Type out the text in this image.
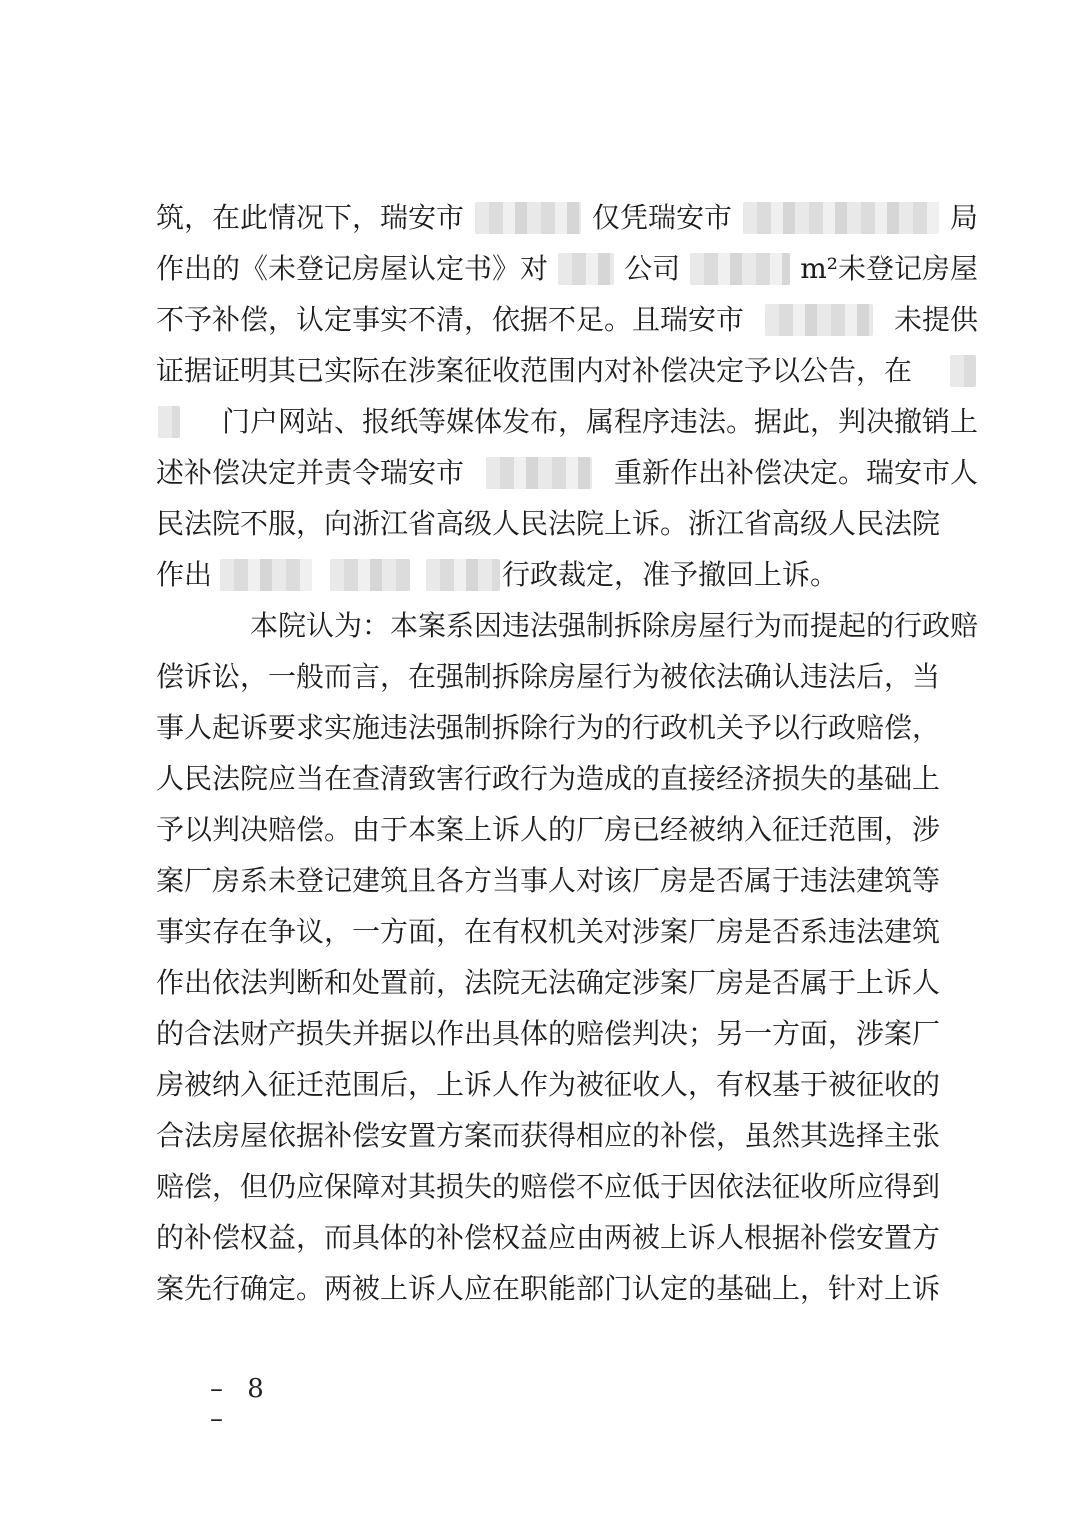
筑，在此情况下，瑞安市	仅凭瑞安市	局
作出的《未登记房屋认定书》对	公司	m²未登记房屋
不予补偿，认定事实不清，依据不足。且瑞安市	未提供
证据证明其已实际在涉案征收范围内对补偿决定予以公告，在
门户网站、报纸等媒体发布，属程序违法。据此，判决撤销上
述补偿决定并责令瑞安市	重新作出补偿决定。瑞安市人
民法院不服，向浙江省高级人民法院上诉。浙江省高级人民法院
作出	行政裁定，准予撤回上诉。
本院认为：本案系因违法强制拆除房屋行为而提起的行政赔
偿诉讼，一般而言，在强制拆除房屋行为被依法确认违法后，当
事人起诉要求实施违法强制拆除行为的行政机关予以行政赔偿，
人民法院应当在查清致害行政行为造成的直接经济损失的基础上
予以判决赔偿。由于本案上诉人的厂房已经被纳入征迁范围，涉
案厂房系未登记建筑且各方当事人对该厂房是否属于违法建筑等
事实存在争议，一方面，在有权机关对涉案厂房是否系违法建筑
作出依法判断和处置前，法院无法确定涉案厂房是否属于上诉人
的合法财产损失并据以作出具体的赔偿判决；另一方面，涉案厂
房被纳入征迁范围后，上诉人作为被征收人，有权基于被征收的
合法房屋依据补偿安置方案而获得相应的补偿，虽然其选择主张
赔偿，但仍应保障对其损失的赔偿不应低于因依法征收所应得到
的补偿权益，而具体的补偿权益应由两被上诉人根据补偿安置方
案先行确定。两被上诉人应在职能部门认定的基础上，针对上诉
– 8 –
